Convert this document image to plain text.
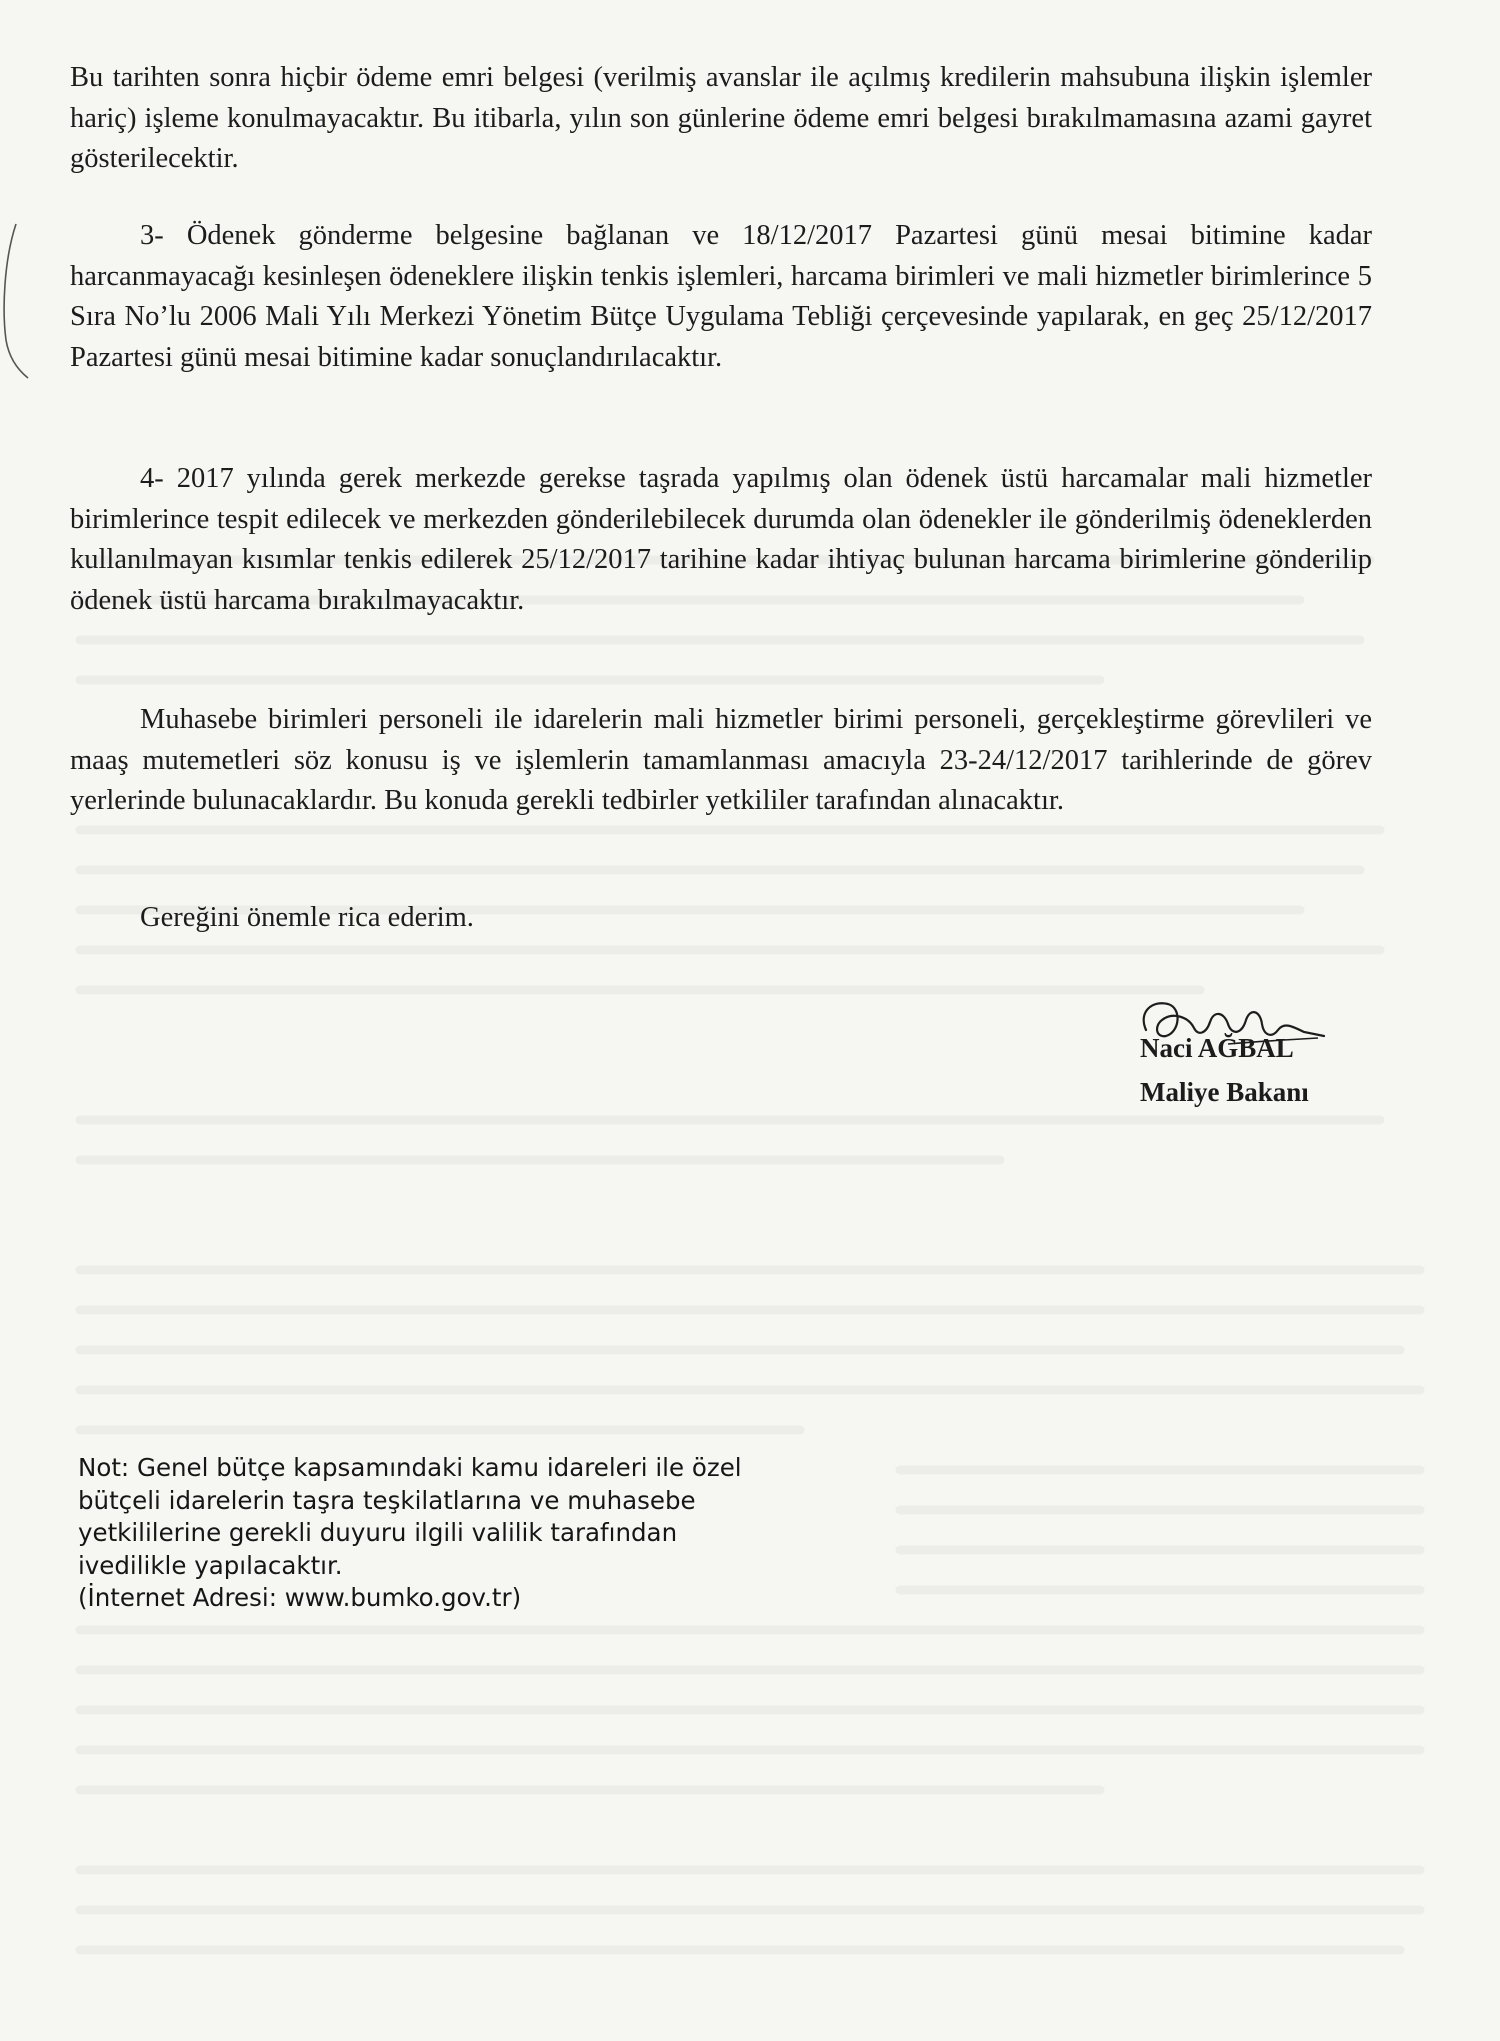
Bu tarihten sonra hiçbir ödeme emri belgesi (verilmiş avanslar ile açılmış kredilerin mahsubuna ilişkin işlemler hariç) işleme konulmayacaktır. Bu itibarla, yılın son günlerine ödeme emri belgesi bırakılmamasına azami gayret gösterilecektir.

3- Ödenek gönderme belgesine bağlanan ve 18/12/2017 Pazartesi günü mesai bitimine kadar harcanmayacağı kesinleşen ödeneklere ilişkin tenkis işlemleri, harcama birimleri ve mali hizmetler birimlerince 5 Sıra No’lu 2006 Mali Yılı Merkezi Yönetim Bütçe Uygulama Tebliği çerçevesinde yapılarak, en geç 25/12/2017 Pazartesi günü mesai bitimine kadar sonuçlandırılacaktır.

4- 2017 yılında gerek merkezde gerekse taşrada yapılmış olan ödenek üstü harcamalar mali hizmetler birimlerince tespit edilecek ve merkezden gönderilebilecek durumda olan ödenekler ile gönderilmiş ödeneklerden kullanılmayan kısımlar tenkis edilerek 25/12/2017 tarihine kadar ihtiyaç bulunan harcama birimlerine gönderilip ödenek üstü harcama bırakılmayacaktır.

Muhasebe birimleri personeli ile idarelerin mali hizmetler birimi personeli, gerçekleştirme görevlileri ve maaş mutemetleri söz konusu iş ve işlemlerin tamamlanması amacıyla 23-24/12/2017 tarihlerinde de görev yerlerinde bulunacaklardır. Bu konuda gerekli tedbirler yetkililer tarafından alınacaktır.

Gereğini önemle rica ederim.

Naci AĞBAL

Maliye Bakanı

Not: Genel bütçe kapsamındaki kamu idareleri ile özel
bütçeli idarelerin taşra teşkilatlarına ve muhasebe
yetkililerine gerekli duyuru ilgili valilik tarafından
ivedilikle yapılacaktır.
(İnternet Adresi: www.bumko.gov.tr)
